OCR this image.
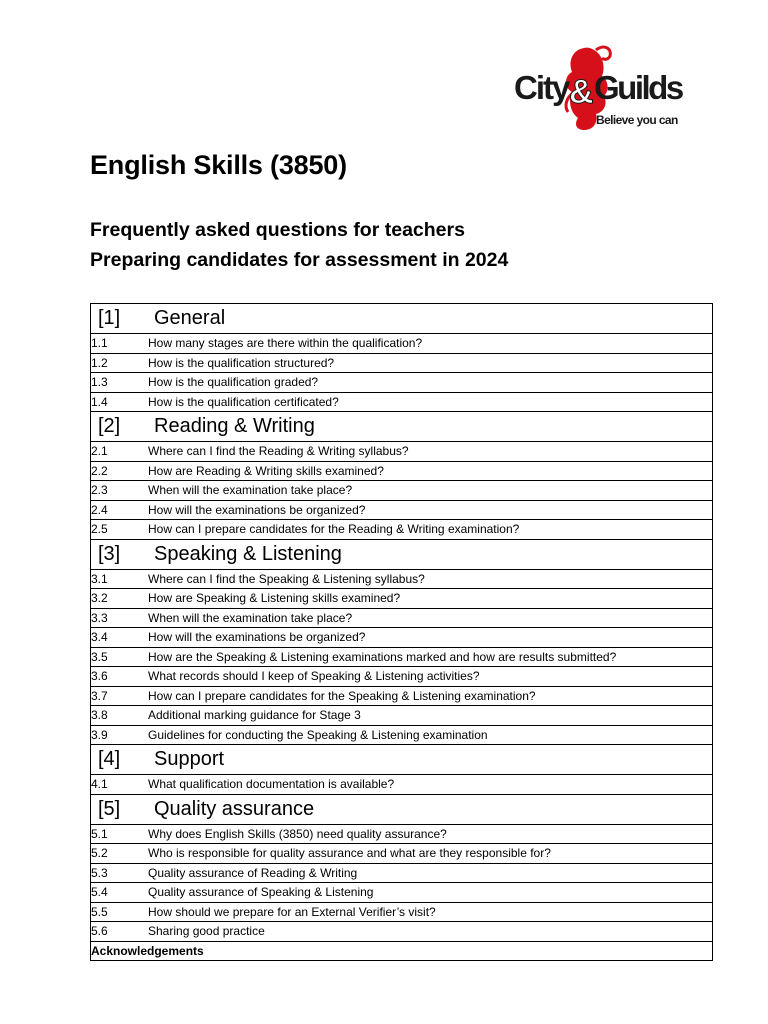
City & Guilds
Believe you can
English Skills (3850)

Frequently asked questions for teachers

Preparing candidates for assessment in 2024

[1] General
1.1	How many stages are there within the qualification?
1.2	How is the qualification structured?
1.3	How is the qualification graded?
1.4	How is the qualification certificated?
[2] Reading & Writing
2.1	Where can I find the Reading & Writing syllabus?
2.2	How are Reading & Writing skills examined?
2.3	When will the examination take place?
2.4	How will the examinations be organized?
2.5	How can I prepare candidates for the Reading & Writing examination?
[3] Speaking & Listening
3.1	Where can I find the Speaking & Listening syllabus?
3.2	How are Speaking & Listening skills examined?
3.3	When will the examination take place?
3.4	How will the examinations be organized?
3.5	How are the Speaking & Listening examinations marked and how are results submitted?
3.6	What records should I keep of Speaking & Listening activities?
3.7	How can I prepare candidates for the Speaking & Listening examination?
3.8	Additional marking guidance for Stage 3
3.9	Guidelines for conducting the Speaking & Listening examination
[4] Support
4.1	What qualification documentation is available?
[5] Quality assurance
5.1	Why does English Skills (3850) need quality assurance?
5.2	Who is responsible for quality assurance and what are they responsible for?
5.3	Quality assurance of Reading & Writing
5.4	Quality assurance of Speaking & Listening
5.5	How should we prepare for an External Verifier’s visit?
5.6	Sharing good practice
Acknowledgements
